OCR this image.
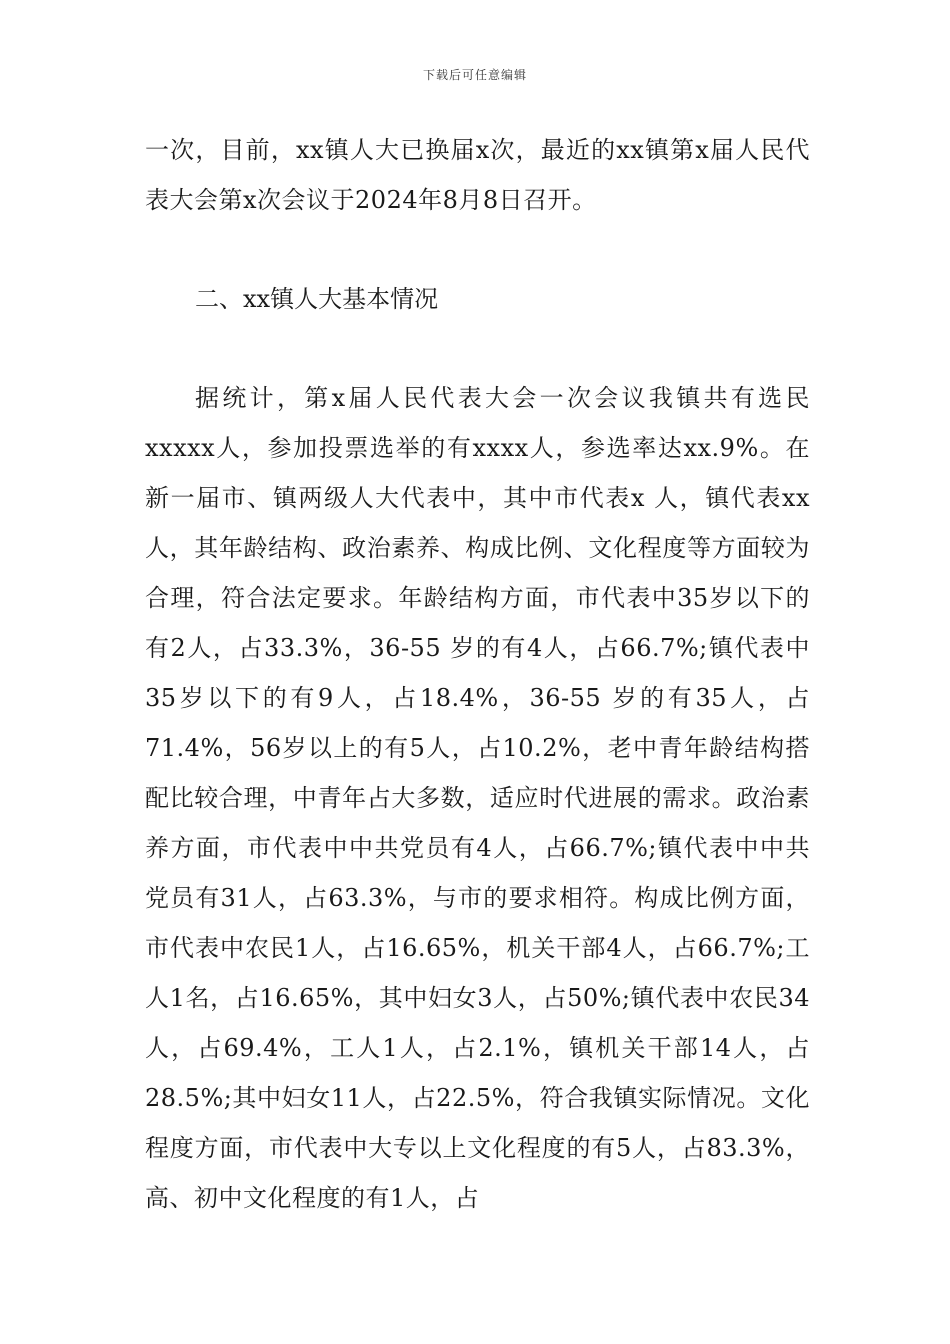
下载后可任意编辑

一次，目前，xx镇人大已换届x次，最近的xx镇第x届人民代表大会第x次会议于2024年8月8日召开。

二、xx镇人大基本情况

据统计，第x届人民代表大会一次会议我镇共有选民xxxxx人，参加投票选举的有xxxx人，参选率达xx.9%。在新一届市、镇两级人大代表中，其中市代表x 人，镇代表xx人，其年龄结构、政治素养、构成比例、文化程度等方面较为合理，符合法定要求。年龄结构方面，市代表中35岁以下的有2人，占33.3%，36-55 岁的有4人，占66.7%;镇代表中35岁以下的有9人，占18.4%，36-55 岁的有35人，占71.4%，56岁以上的有5人，占10.2%，老中青年龄结构搭配比较合理，中青年占大多数，适应时代进展的需求。政治素养方面，市代表中中共党员有4人，占66.7%;镇代表中中共党员有31人，占63.3%，与市的要求相符。构成比例方面，市代表中农民1人，占16.65%，机关干部4人，占66.7%;工人1名，占16.65%，其中妇女3人，占50%;镇代表中农民34 人，占69.4%，工人1人，占2.1%，镇机关干部14人，占28.5%;其中妇女11人，占22.5%，符合我镇实际情况。文化程度方面，市代表中大专以上文化程度的有5人，占83.3%，高、初中文化程度的有1人，占
